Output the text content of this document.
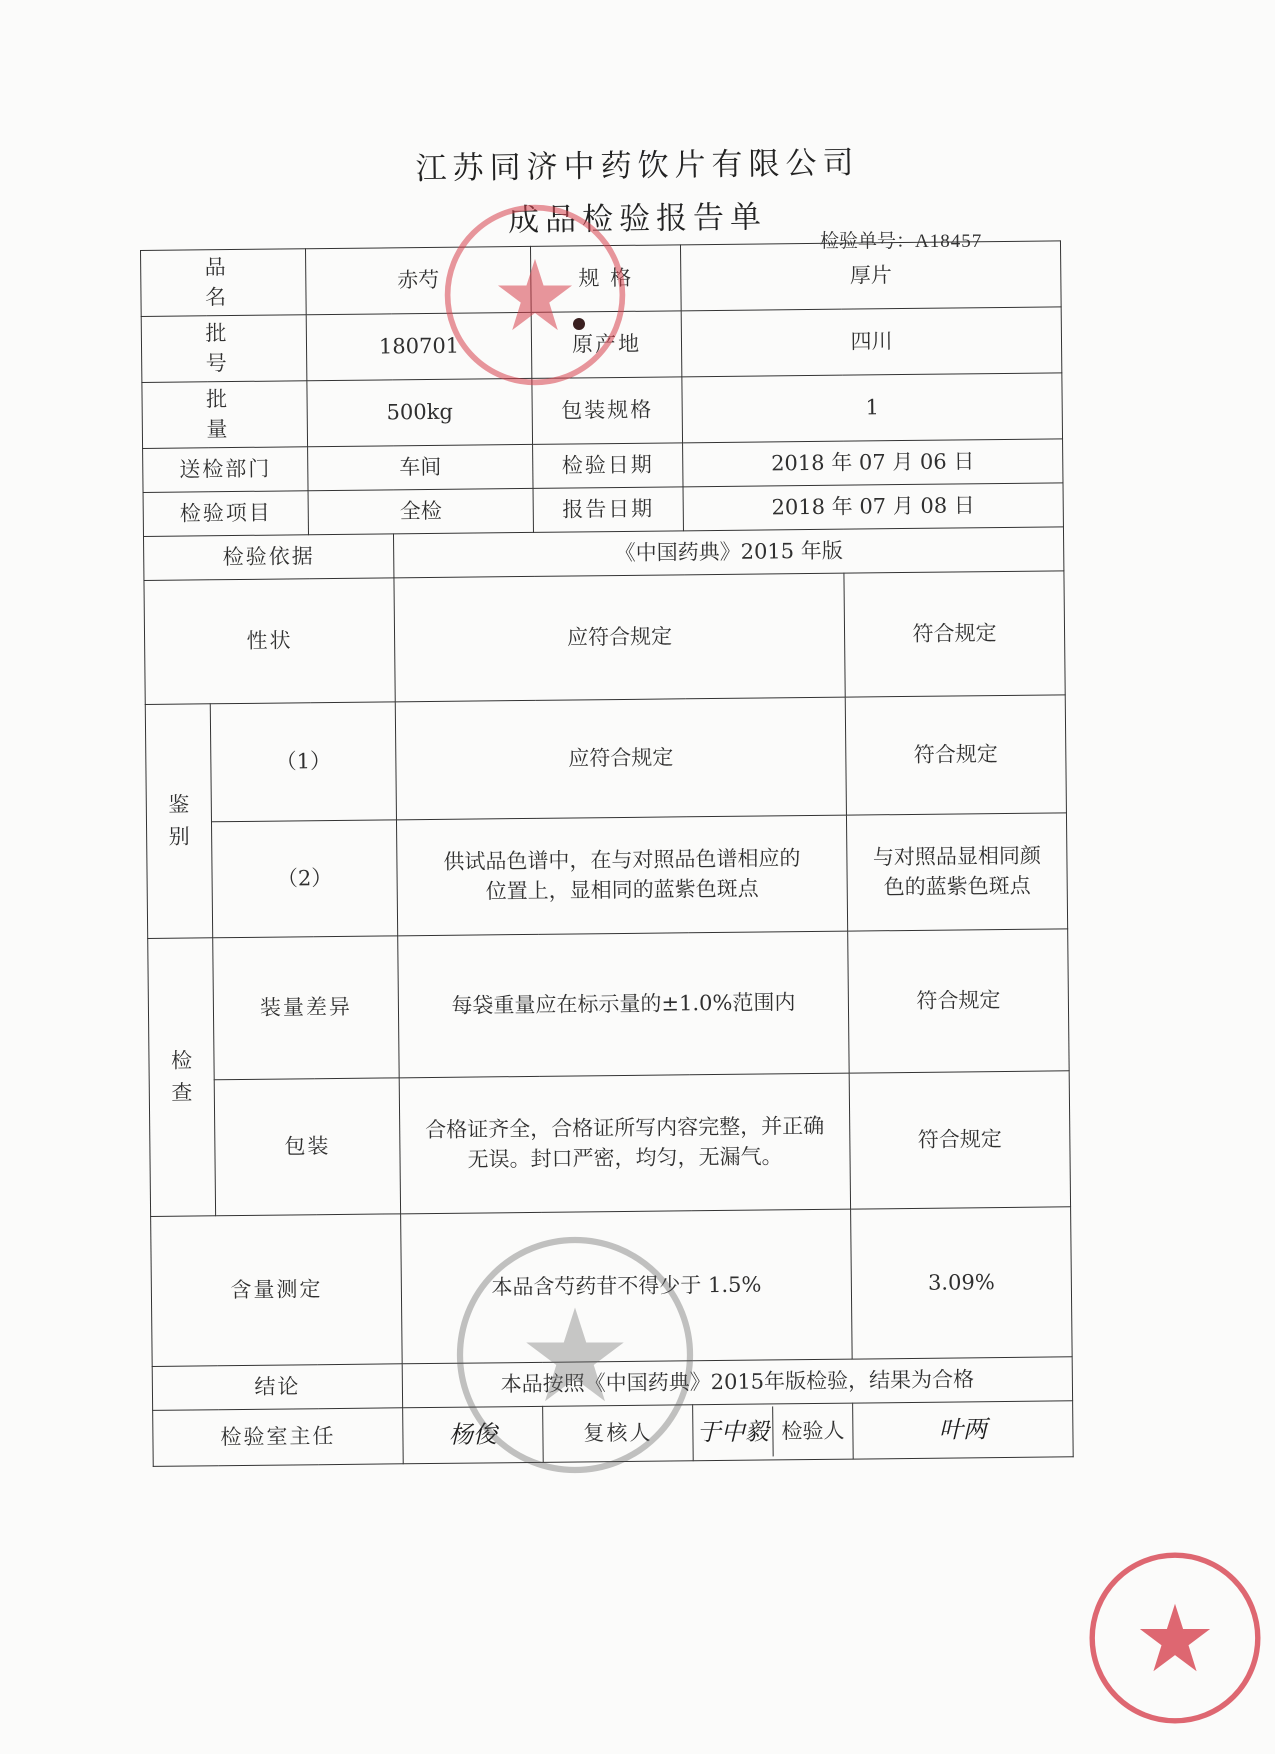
江苏同济中药饮片有限公司
成品检验报告单
检验单号：A18457
品 名		赤芍		规 格	厚片	
批 号		180701		原产地	四川	
批 量		500kg		包装规格	1	
送检部门		车间		检验日期	2018 年 07 月 06 日	
检验项目		全检		报告日期	2018 年 07 月 08 日	
检验依据			《中国药典》2015 年版			
性状			应符合规定			符合规定
鉴别	（1）		应符合规定			符合规定
	（2）		供试品色谱中，在与对照品色谱相应的位置上，显相同的蓝紫色斑点			与对照品显相同颜色的蓝紫色斑点
检查	装量差异		每袋重量应在标示量的±1.0%范围内			符合规定
	包装		合格证齐全，合格证所写内容完整，并正确无误。封口严密，均匀，无漏气。			符合规定
含量测定			本品含芍药苷不得少于 1.5%			3.09%
结论			本品按照《中国药典》2015年版检验，结果为合格			
检验室主任			杨俊	复核人	于中毅 检验人	叶两
